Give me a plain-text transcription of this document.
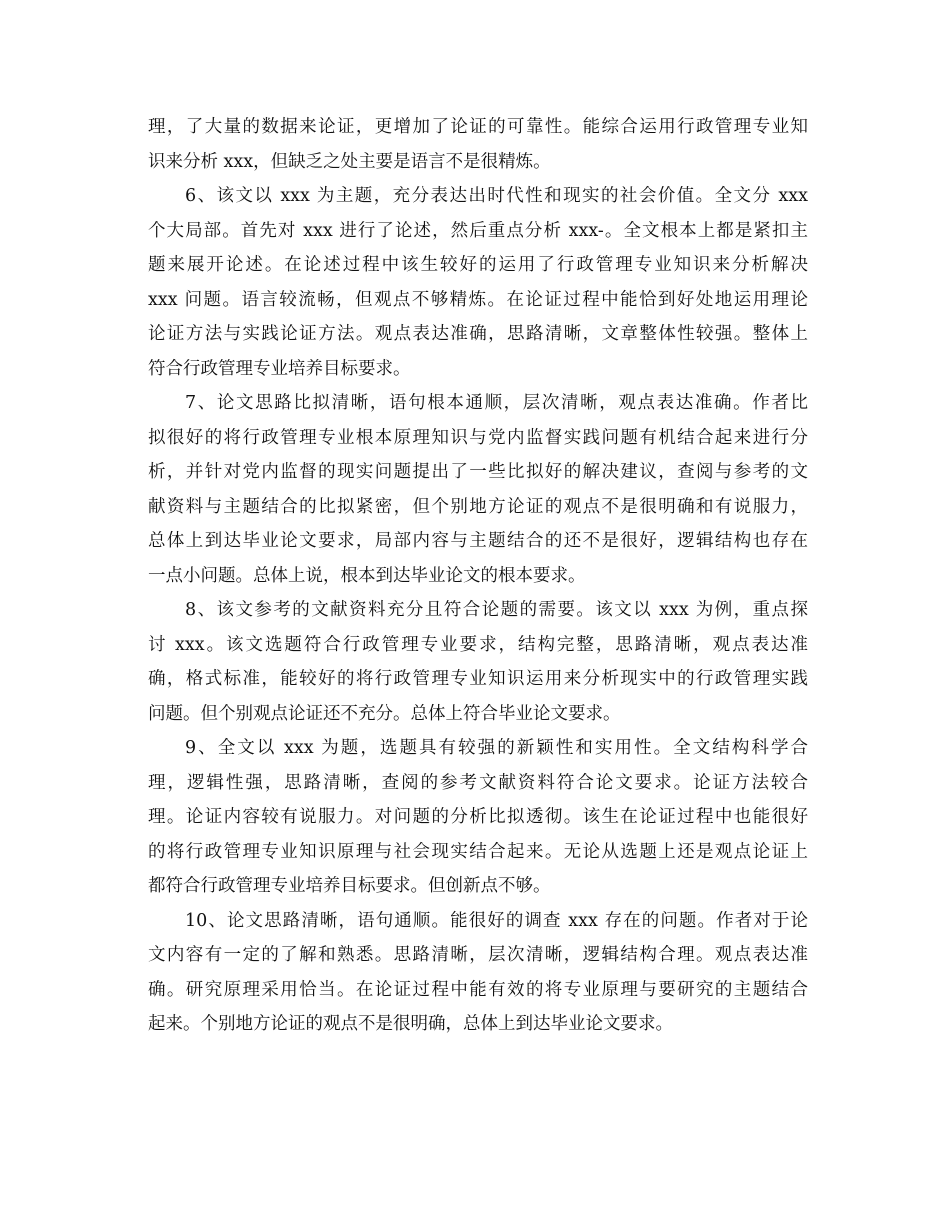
理，了大量的数据来论证，更增加了论证的可靠性。能综合运用行政管理专业知
识来分析 xxx，但缺乏之处主要是语言不是很精炼。
6、该文以 xxx 为主题，充分表达出时代性和现实的社会价值。全文分 xxx
个大局部。首先对 xxx 进行了论述，然后重点分析 xxx-。全文根本上都是紧扣主
题来展开论述。在论述过程中该生较好的运用了行政管理专业知识来分析解决
xxx 问题。语言较流畅，但观点不够精炼。在论证过程中能恰到好处地运用理论
论证方法与实践论证方法。观点表达准确，思路清晰，文章整体性较强。整体上
符合行政管理专业培养目标要求。
7、论文思路比拟清晰，语句根本通顺，层次清晰，观点表达准确。作者比
拟很好的将行政管理专业根本原理知识与党内监督实践问题有机结合起来进行分
析，并针对党内监督的现实问题提出了一些比拟好的解决建议，查阅与参考的文
献资料与主题结合的比拟紧密，但个别地方论证的观点不是很明确和有说服力，
总体上到达毕业论文要求，局部内容与主题结合的还不是很好，逻辑结构也存在
一点小问题。总体上说，根本到达毕业论文的根本要求。
8、该文参考的文献资料充分且符合论题的需要。该文以 xxx 为例，重点探
讨 xxx。该文选题符合行政管理专业要求，结构完整，思路清晰，观点表达准
确，格式标准，能较好的将行政管理专业知识运用来分析现实中的行政管理实践
问题。但个别观点论证还不充分。总体上符合毕业论文要求。
9、全文以 xxx 为题，选题具有较强的新颖性和实用性。全文结构科学合
理，逻辑性强，思路清晰，查阅的参考文献资料符合论文要求。论证方法较合
理。论证内容较有说服力。对问题的分析比拟透彻。该生在论证过程中也能很好
的将行政管理专业知识原理与社会现实结合起来。无论从选题上还是观点论证上
都符合行政管理专业培养目标要求。但创新点不够。
10、论文思路清晰，语句通顺。能很好的调查 xxx 存在的问题。作者对于论
文内容有一定的了解和熟悉。思路清晰，层次清晰，逻辑结构合理。观点表达准
确。研究原理采用恰当。在论证过程中能有效的将专业原理与要研究的主题结合
起来。个别地方论证的观点不是很明确，总体上到达毕业论文要求。
